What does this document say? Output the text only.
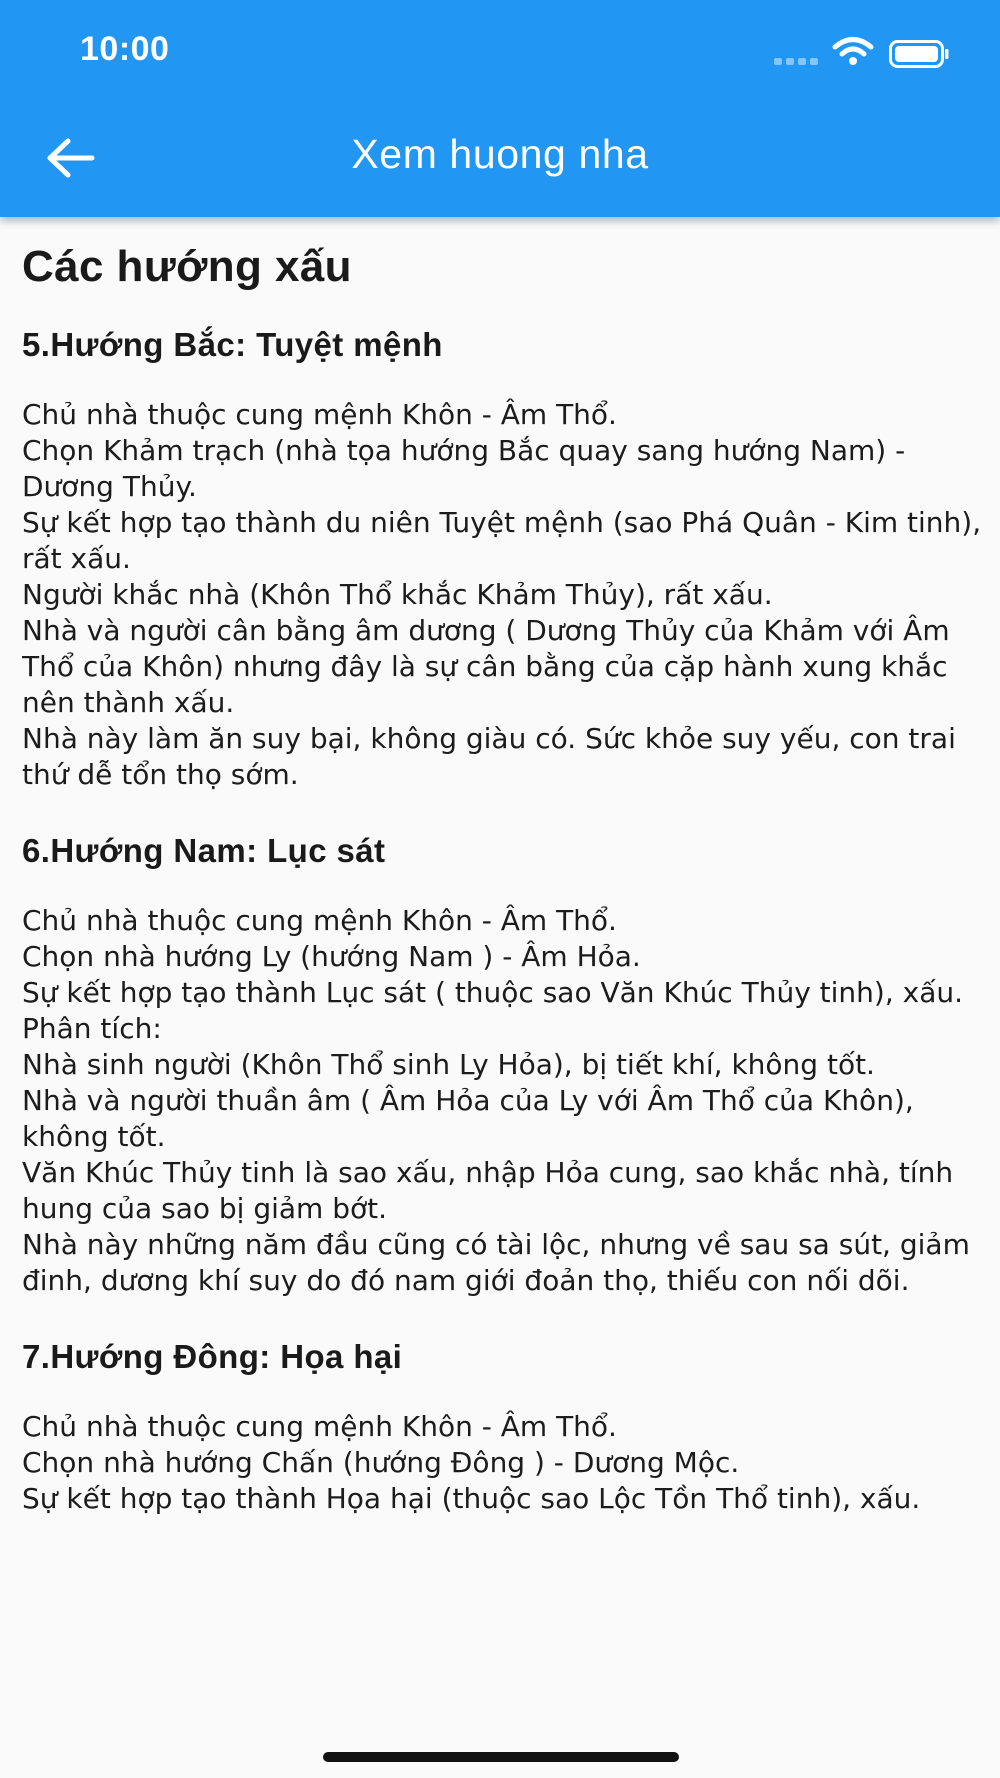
10:00
Xem huong nha
Các hướng xấu
5.Hướng Bắc: Tuyệt mệnh

Chủ nhà thuộc cung mệnh Khôn - Âm Thổ.
Chọn Khảm trạch (nhà tọa hướng Bắc quay sang hướng Nam) - Dương Thủy.
Sự kết hợp tạo thành du niên Tuyệt mệnh (sao Phá Quân - Kim tinh), rất xấu.
Người khắc nhà (Khôn Thổ khắc Khảm Thủy), rất xấu.
Nhà và người cân bằng âm dương ( Dương Thủy của Khảm với Âm Thổ của Khôn) nhưng đây là sự cân bằng của cặp hành xung khắc nên thành xấu.
Nhà này làm ăn suy bại, không giàu có. Sức khỏe suy yếu, con trai thứ dễ tổn thọ sớm.

6.Hướng Nam: Lục sát

Chủ nhà thuộc cung mệnh Khôn - Âm Thổ.
Chọn nhà hướng Ly (hướng Nam ) - Âm Hỏa.
Sự kết hợp tạo thành Lục sát ( thuộc sao Văn Khúc Thủy tinh), xấu.
Phân tích:
Nhà sinh người (Khôn Thổ sinh Ly Hỏa), bị tiết khí, không tốt.
Nhà và người thuần âm ( Âm Hỏa của Ly với Âm Thổ của Khôn), không tốt.
Văn Khúc Thủy tinh là sao xấu, nhập Hỏa cung, sao khắc nhà, tính hung của sao bị giảm bớt.
Nhà này những năm đầu cũng có tài lộc, nhưng về sau sa sút, giảm đinh, dương khí suy do đó nam giới đoản thọ, thiếu con nối dõi.

7.Hướng Đông: Họa hại

Chủ nhà thuộc cung mệnh Khôn - Âm Thổ.
Chọn nhà hướng Chấn (hướng Đông ) - Dương Mộc.
Sự kết hợp tạo thành Họa hại (thuộc sao Lộc Tồn Thổ tinh), xấu.
